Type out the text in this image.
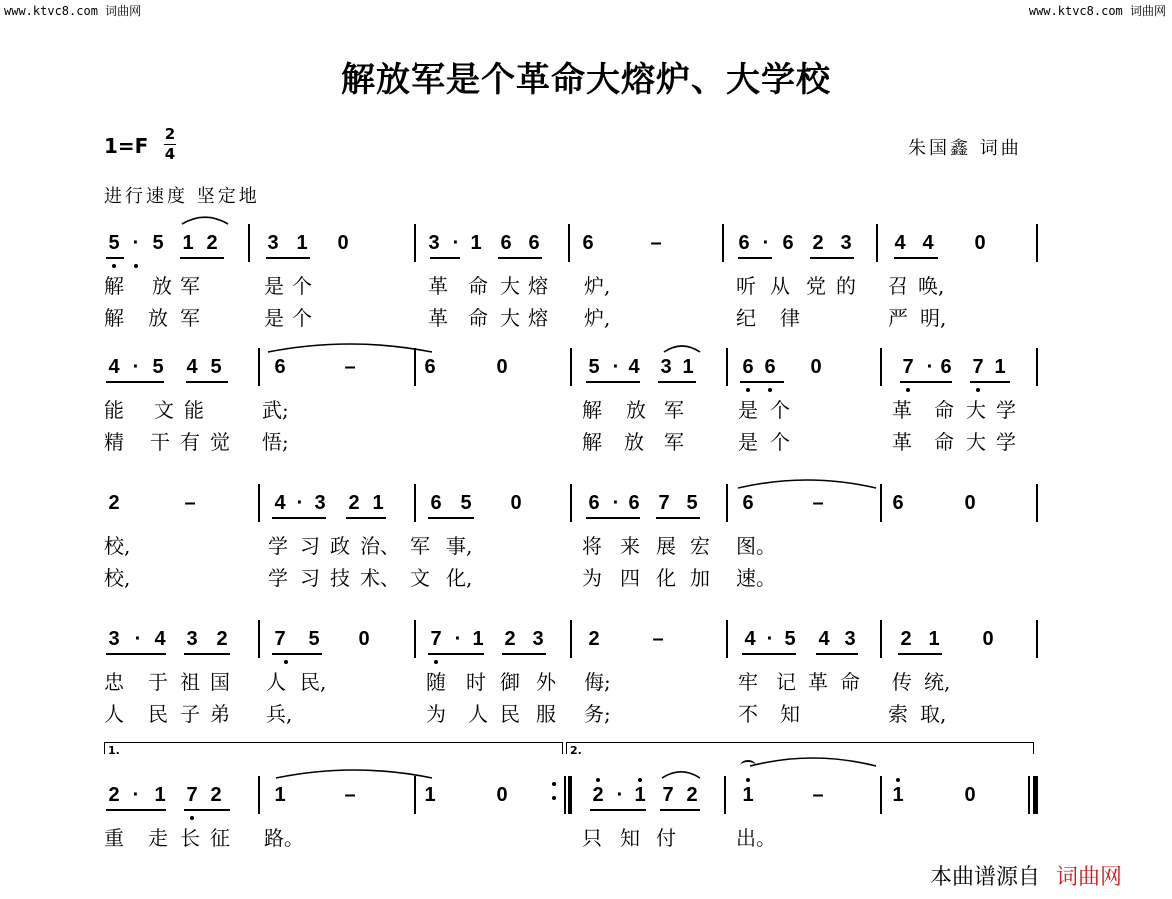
www.ktvc8.com 词曲网	www.ktvc8.com 词曲网
解放军是个革命大熔炉、大学校
1=F 2
4	朱国鑫 词曲
进行速度 坚定地
5 · 5 1 2 3 1 0	3 · 1 6 6 6	–	6 · 6 2 3 4 4 0
解 放 军	是 个	革 命 大 熔 炉,	听 从 党 的 召 唤,
解 放 军	是 个	革 命 大 熔 炉,	纪 律	严 明,
4 · 5 4 5	6	–	6	0	5 · 4 3 1 6 6 0	7 · 6 7 1
能 文 能	武;	解 放 军	是 个	革 命 大 学
精 干 有 觉 悟;	解 放 军	是 个	革 命 大 学
2	–	4 · 3 2 1 6 5 0	6 · 6 7 5 6	–	6	0
校,	学 习 政 治、 军 事,	将 来 展 宏 图。
校,	学 习 技 术、 文 化,	为 四 化 加 速。
3 · 4 3 2 7 5 0	7 · 1 2 3 2	–	4 · 5 4 3 2 1 0
忠 于 祖 国 人 民,	随 时 御 外 侮;	牢 记 革 命 传 统,
人 民 子 弟 兵,	为 人 民 服 务;	不 知	索 取,
2 · 1 7 2	1	–	1	0	2 · 1 7 2 1	–	1	0
重 走 长 征 路。	只 知 付	出。
1.	2.
本曲谱源自 词曲网
